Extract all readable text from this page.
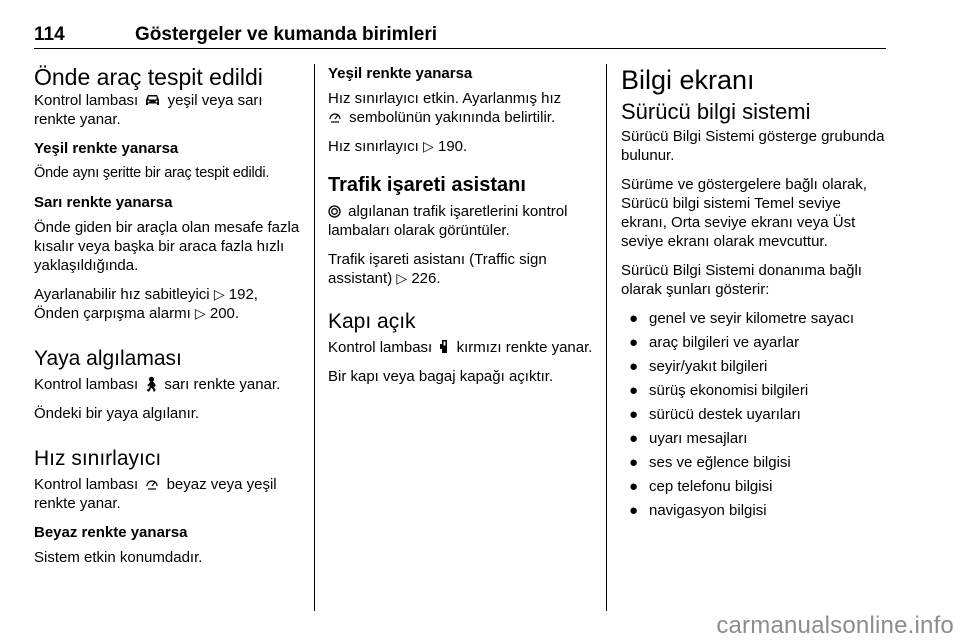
114	Göstergeler ve kumanda birimleri
Önde araç tespit edildi

Kontrol lambası yeşil veya sarı renkte yanar.

Yeşil renkte yanarsa

Önde aynı şeritte bir araç tespit edildi.

Sarı renkte yanarsa

Önde giden bir araçla olan mesafe fazla kısalır veya başka bir araca fazla hızlı yaklaşıldığında.

Ayarlanabilir hız sabitleyici ▷ 192,
Önden çarpışma alarmı ▷ 200.

Yaya algılaması

Kontrol lambası 🚶︎ sarı renkte yanar.

Öndeki bir yaya algılanır.

Hız sınırlayıcı

Kontrol lambası beyaz veya yeşil renkte yanar.

Beyaz renkte yanarsa

Sistem etkin konumdadır.

Yeşil renkte yanarsa

Hız sınırlayıcı etkin. Ayarlanmış hız
sembolünün yakınında belirtilir.

Hız sınırlayıcı ▷ 190.

Trafik işareti asistanı

algılanan trafik işaretlerini kontrol lambaları olarak görüntüler.

Trafik işareti asistanı (Traffic sign assistant) ▷ 226.

Kapı açık

Kontrol lambası kırmızı renkte yanar.

Bir kapı veya bagaj kapağı açıktır.

Bilgi ekranı
Sürücü bilgi sistemi

Sürücü Bilgi Sistemi gösterge grubunda bulunur.

Sürüme ve göstergelere bağlı olarak, Sürücü bilgi sistemi Temel seviye ekranı, Orta seviye ekranı veya Üst seviye ekranı olarak mevcuttur.

Sürücü Bilgi Sistemi donanıma bağlı olarak şunları gösterir:

● genel ve seyir kilometre sayacı
● araç bilgileri ve ayarlar
● seyir/yakıt bilgileri
● sürüş ekonomisi bilgileri
● sürücü destek uyarıları
● uyarı mesajları
● ses ve eğlence bilgisi
● cep telefonu bilgisi
● navigasyon bilgisi
carmanualsonline.info
